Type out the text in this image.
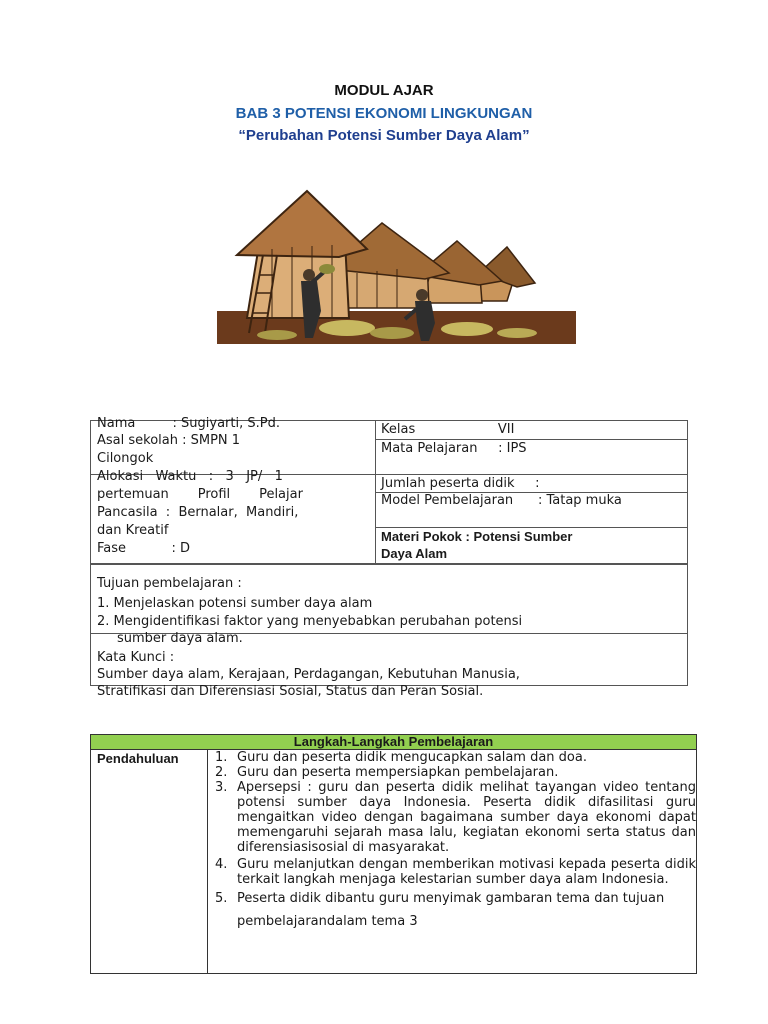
MODUL AJAR
BAB 3 POTENSI EKONOMI LINGKUNGAN
“Perubahan Potensi Sumber Daya Alam”
Nama         : Sugiyarti, S.Pd.
Asal sekolah : SMPN 1
Cilongok
Alokasi   Waktu   :   3   JP/   1
pertemuan       Profil       Pelajar
Pancasila  :  Bernalar,  Mandiri,
dan Kreatif
Fase           : D
Kelas                    VII
Mata Pelajaran     : IPS
Jumlah peserta didik     :
Model Pembelajaran      : Tatap muka
Materi Pokok : Potensi Sumber
Daya Alam
Tujuan pembelajaran :
1. Menjelaskan potensi sumber daya alam
2. Mengidentifikasi faktor yang menyebabkan perubahan potensi
sumber daya alam.
Kata Kunci :
Sumber daya alam, Kerajaan, Perdagangan, Kebutuhan Manusia,
Stratifikasi dan Diferensiasi Sosial, Status dan Peran Sosial.
Langkah-Langkah Pembelajaran
Pendahuluan	1. Guru dan peserta didik mengucapkan salam dan doa.
2. Guru dan peserta mempersiapkan pembelajaran.
3. Apersepsi : guru dan peserta didik melihat tayangan video tentang potensi sumber daya Indonesia. Peserta didik difasilitasi guru mengaitkan video dengan bagaimana sumber daya ekonomi dapat memengaruhi sejarah masa lalu, kegiatan ekonomi serta status dan diferensiasisosial di masyarakat.
4. Guru melanjutkan dengan memberikan motivasi kepada peserta didik terkait langkah menjaga kelestarian sumber daya alam Indonesia.
5. Peserta didik dibantu guru menyimak gambaran tema dan tujuan
pembelajarandalam tema 3
